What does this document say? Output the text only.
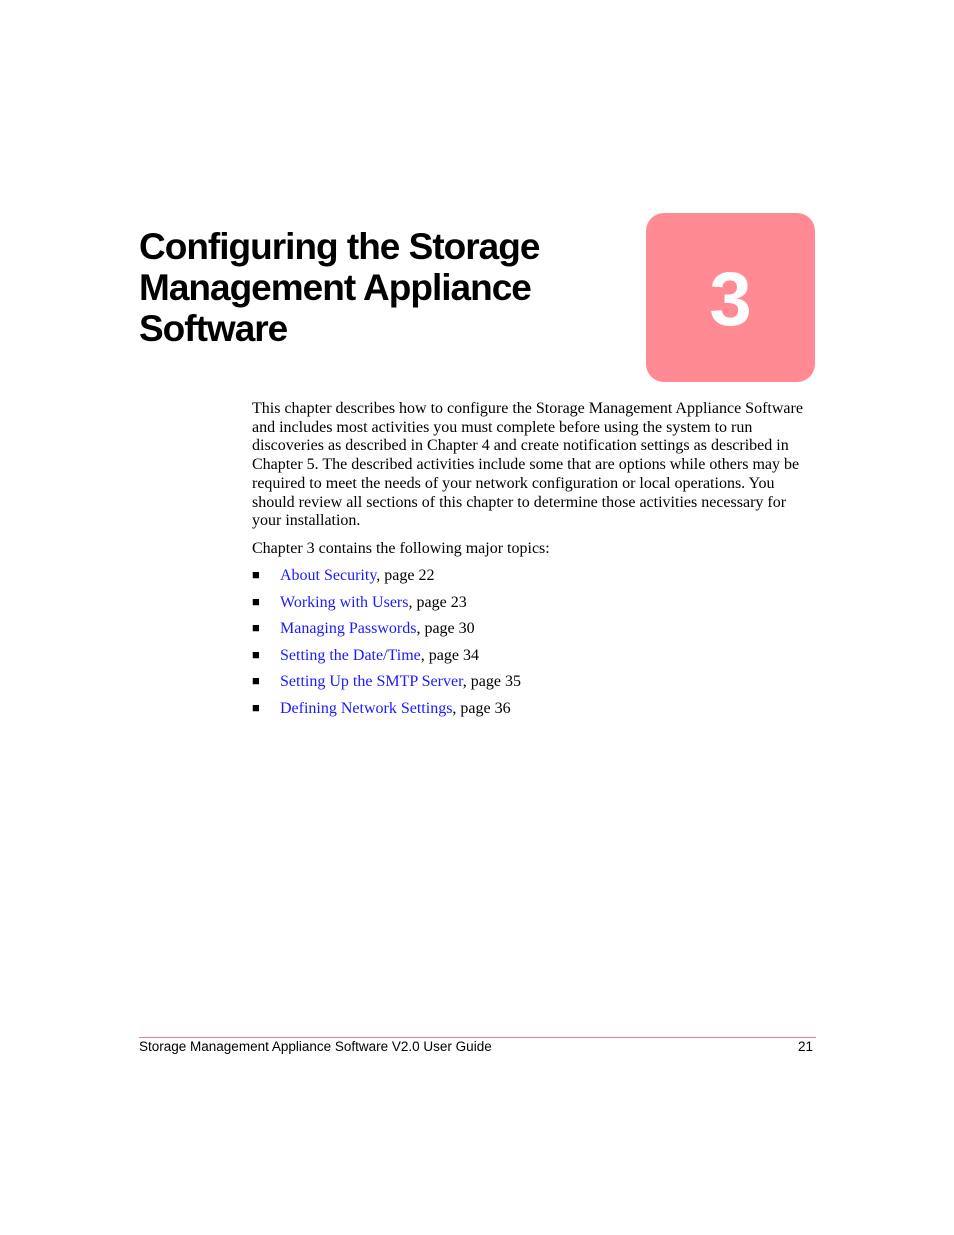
Configuring the Storage Management Appliance Software	3

This chapter describes how to configure the Storage Management Appliance Software and includes most activities you must complete before using the system to run discoveries as described in Chapter 4 and create notification settings as described in Chapter 5. The described activities include some that are options while others may be required to meet the needs of your network configuration or local operations. You should review all sections of this chapter to determine those activities necessary for your installation.

Chapter 3 contains the following major topics:

■ About Security, page 22
■ Working with Users, page 23
■ Managing Passwords, page 30
■ Setting the Date/Time, page 34
■ Setting Up the SMTP Server, page 35
■ Defining Network Settings, page 36
Storage Management Appliance Software V2.0 User Guide	21
